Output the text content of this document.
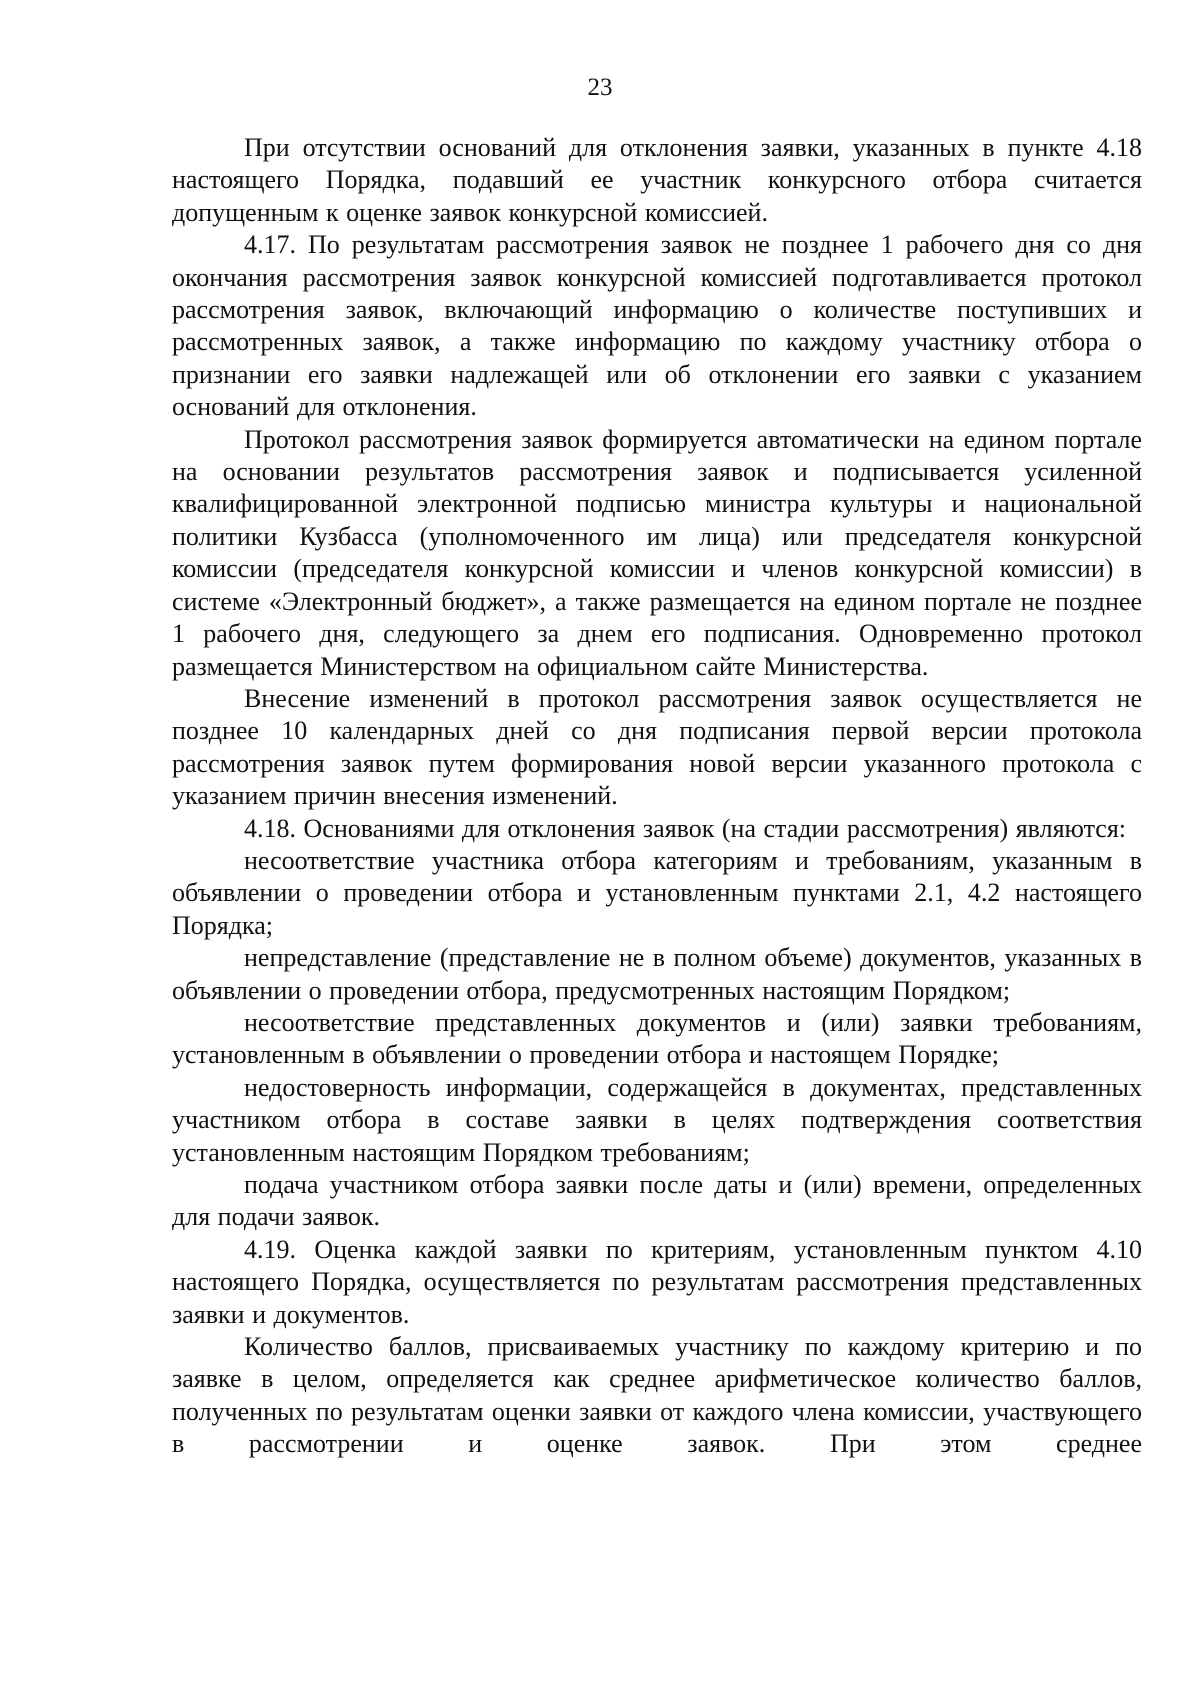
23

При отсутствии оснований для отклонения заявки, указанных в пункте 4.18 настоящего Порядка, подавший ее участник конкурсного отбора считается допущенным к оценке заявок конкурсной комиссией.

4.17. По результатам рассмотрения заявок не позднее 1 рабочего дня со дня окончания рассмотрения заявок конкурсной комиссией подготавливается протокол рассмотрения заявок, включающий информацию о количестве поступивших и рассмотренных заявок, а также информацию по каждому участнику отбора о признании его заявки надлежащей или об отклонении его заявки с указанием оснований для отклонения.

Протокол рассмотрения заявок формируется автоматически на едином портале на основании результатов рассмотрения заявок и подписывается усиленной квалифицированной электронной подписью министра культуры и национальной политики Кузбасса (уполномоченного им лица) или председателя конкурсной комиссии (председателя конкурсной комиссии и членов конкурсной комиссии) в системе «Электронный бюджет», а также размещается на едином портале не позднее 1 рабочего дня, следующего за днем его подписания. Одновременно протокол размещается Министерством на официальном сайте Министерства.

Внесение изменений в протокол рассмотрения заявок осуществляется не позднее 10 календарных дней со дня подписания первой версии протокола рассмотрения заявок путем формирования новой версии указанного протокола с указанием причин внесения изменений.

4.18. Основаниями для отклонения заявок (на стадии рассмотрения) являются:

несоответствие участника отбора категориям и требованиям, указанным в объявлении о проведении отбора и установленным пунктами 2.1, 4.2 настоящего Порядка;

непредставление (представление не в полном объеме) документов, указанных в объявлении о проведении отбора, предусмотренных настоящим Порядком;

несоответствие представленных документов и (или) заявки требованиям, установленным в объявлении о проведении отбора и настоящем Порядке;

недостоверность информации, содержащейся в документах, представленных участником отбора в составе заявки в целях подтверждения соответствия установленным настоящим Порядком требованиям;

подача участником отбора заявки после даты и (или) времени, определенных для подачи заявок.

4.19. Оценка каждой заявки по критериям, установленным пунктом 4.10 настоящего Порядка, осуществляется по результатам рассмотрения представленных заявки и документов.

Количество баллов, присваиваемых участнику по каждому критерию и по заявке в целом, определяется как среднее арифметическое количество баллов, полученных по результатам оценки заявки от каждого члена комиссии, участвующего в рассмотрении и оценке заявок. При этом среднее
